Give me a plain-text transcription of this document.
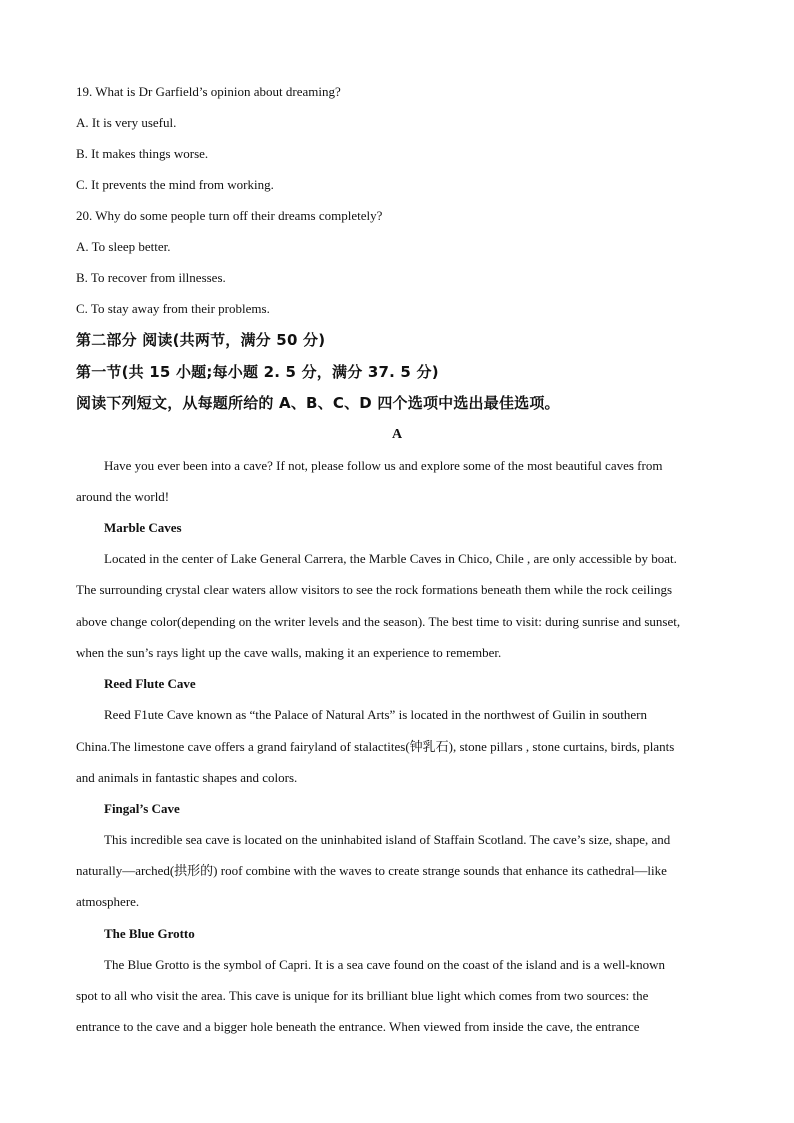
19. What is Dr Garfield’s opinion about dreaming?
A. It is very useful.
B. It makes things worse.
C. It prevents the mind from working.
20. Why do some people turn off their dreams completely?
A. To sleep better.
B. To recover from illnesses.
C. To stay away from their problems.
第二部分 阅读(共两节，满分 50 分)
第一节(共 15 小题;每小题 2. 5 分，满分 37. 5 分)
阅读下列短文，从每题所给的 A、B、C、D 四个选项中选出最佳选项。
A
Have you ever been into a cave? If not, please follow us and explore some of the most beautiful caves from
around the world!
Marble Caves
Located in the center of Lake General Carrera, the Marble Caves in Chico, Chile , are only accessible by boat.
The surrounding crystal clear waters allow visitors to see the rock formations beneath them while the rock ceilings
above change color(depending on the writer levels and the season). The best time to visit: during sunrise and sunset,
when the sun’s rays light up the cave walls, making it an experience to remember.
Reed Flute Cave
Reed F1ute Cave known as “the Palace of Natural Arts” is located in the northwest of Guilin in southern
China.The limestone cave offers a grand fairyland of stalactites(钟乳石), stone pillars , stone curtains, birds, plants
and animals in fantastic shapes and colors.
Fingal’s Cave
This incredible sea cave is located on the uninhabited island of Staffain Scotland. The cave’s size, shape, and
naturally—arched(拱形的) roof combine with the waves to create strange sounds that enhance its cathedral—like
atmosphere.
The Blue Grotto
The Blue Grotto is the symbol of Capri. It is a sea cave found on the coast of the island and is a well-known
spot to all who visit the area. This cave is unique for its brilliant blue light which comes from two sources: the
entrance to the cave and a bigger hole beneath the entrance. When viewed from inside the cave, the entrance
